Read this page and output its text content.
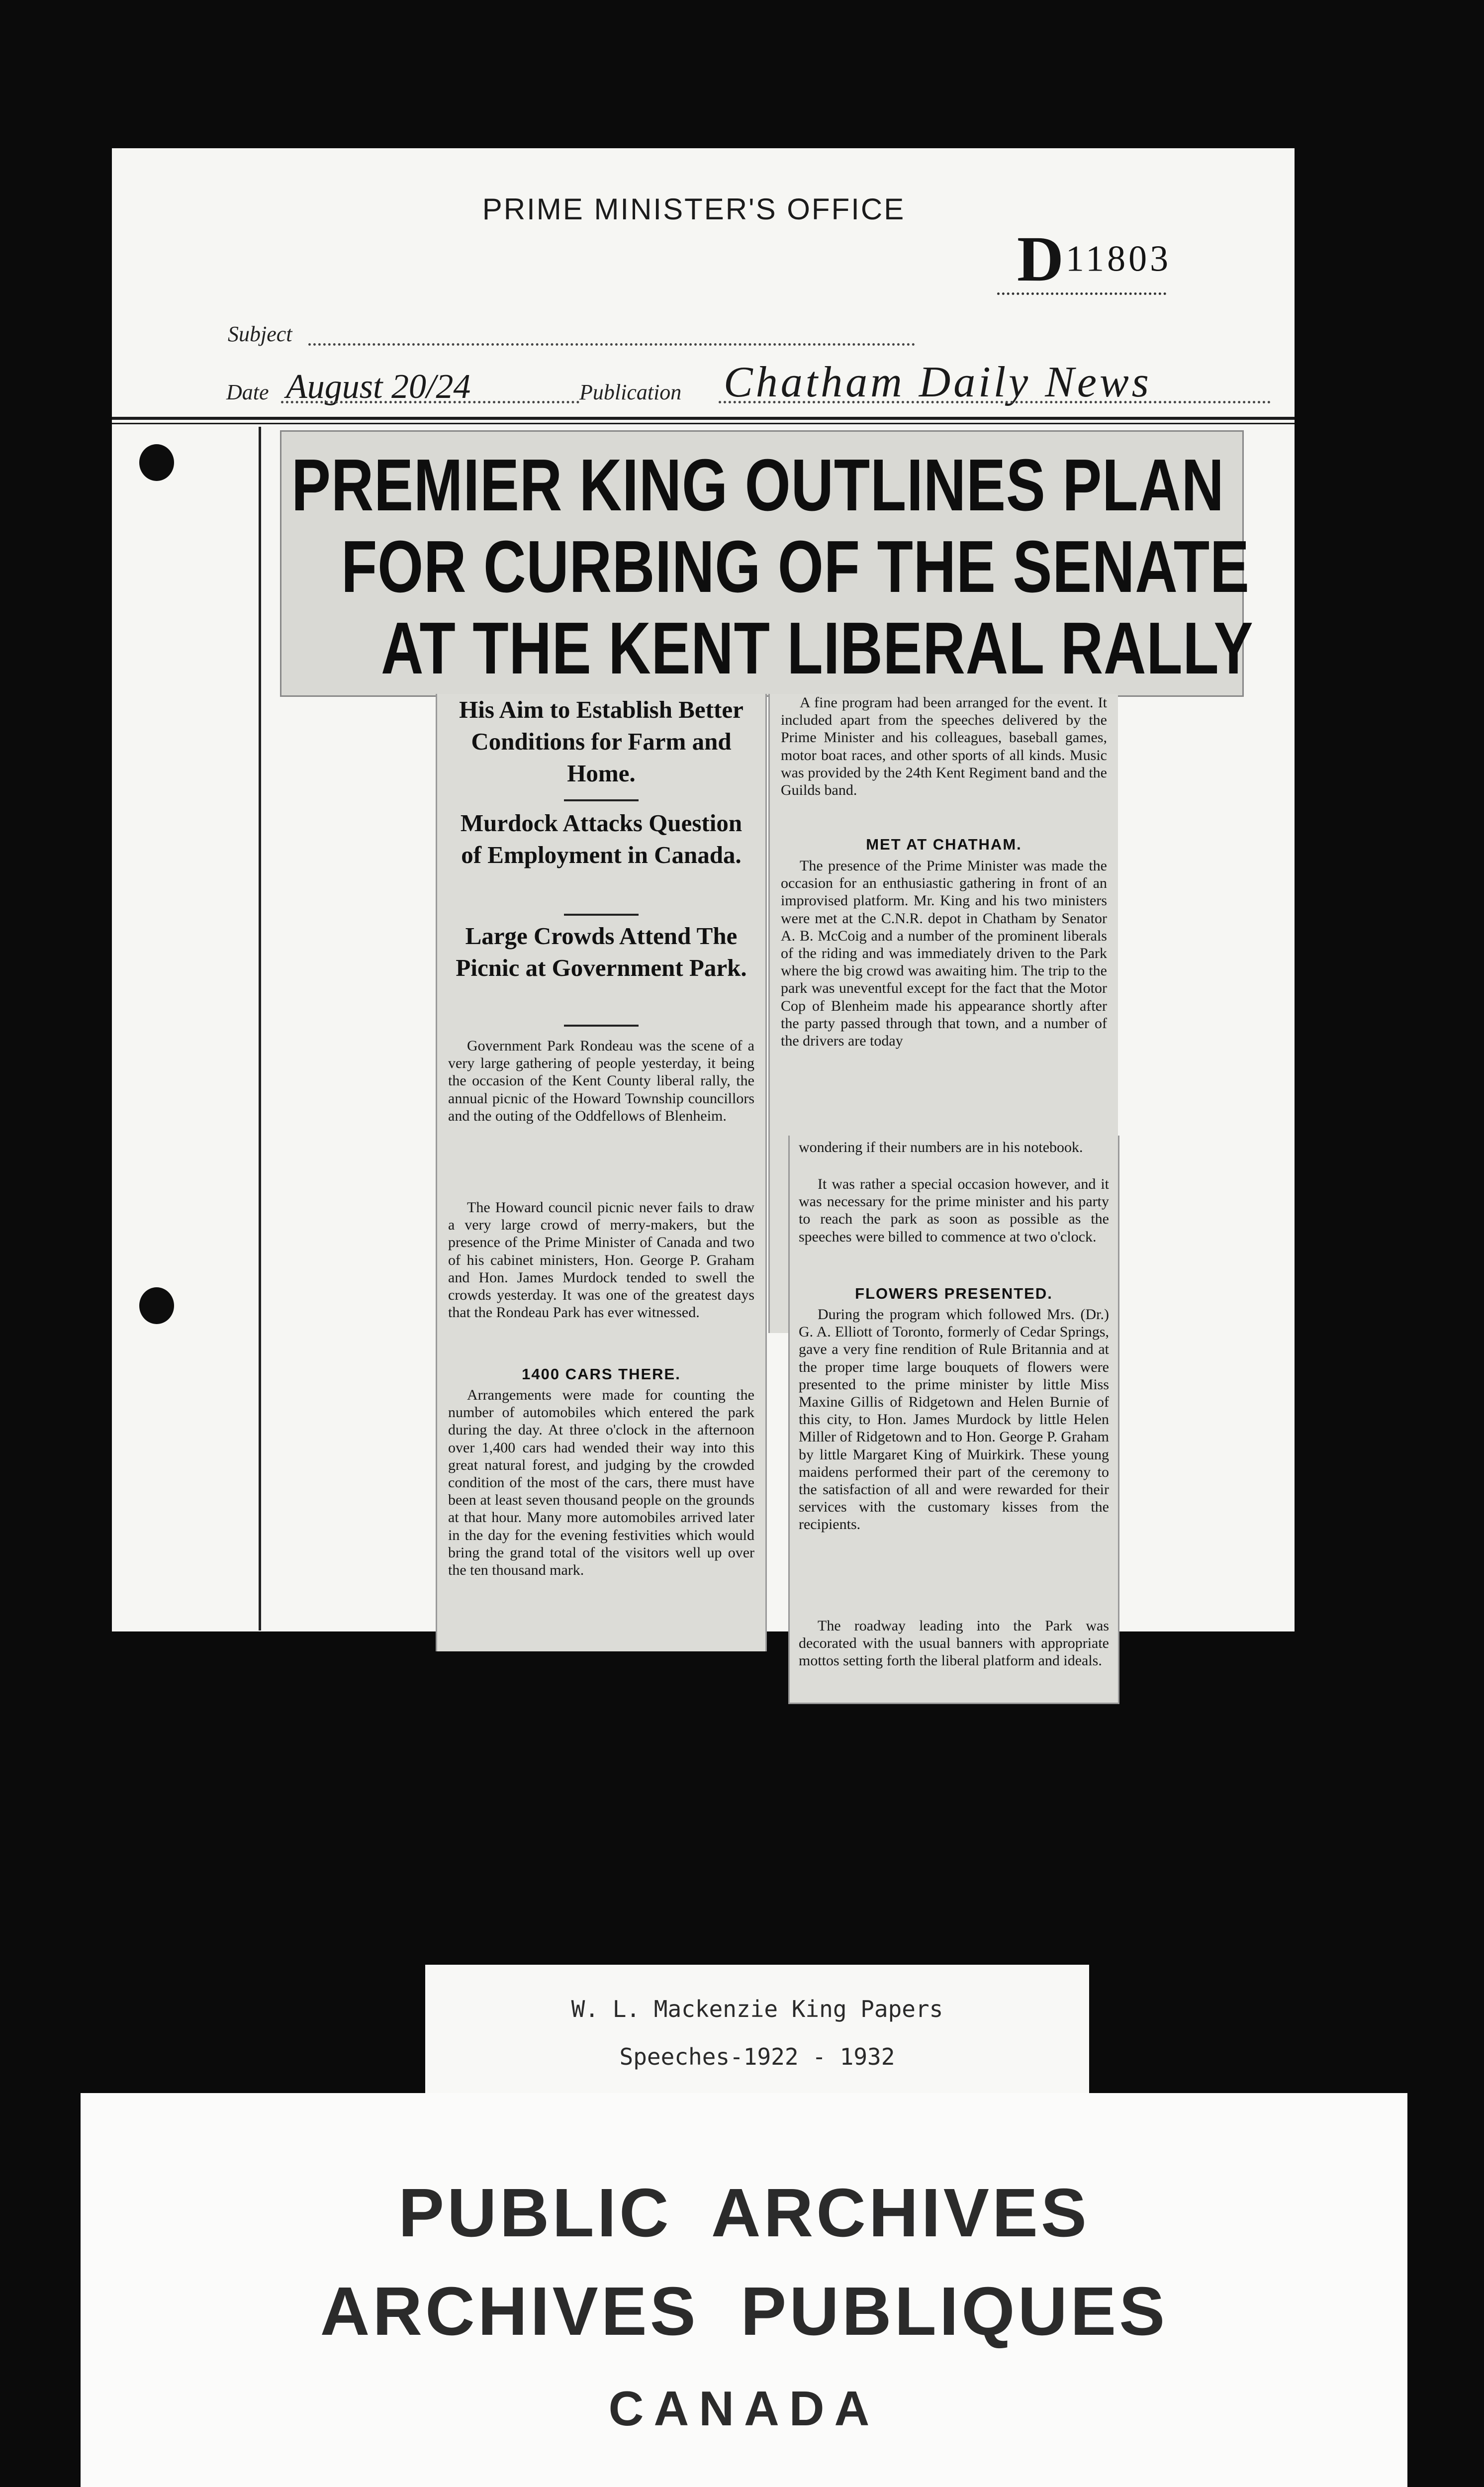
PRIME MINISTER'S OFFICE
D 11803
Subject
Date August 20/24	Publication Chatham Daily News
PREMIER KING OUTLINES PLAN
FOR CURBING OF THE SENATE
AT THE KENT LIBERAL RALLY
His Aim to Establish Better Conditions for Farm and Home.
Murdock Attacks Question of Employment in Canada.
Large Crowds Attend The Picnic at Government Park.

Government Park Rondeau was the scene of a very large gathering of people yesterday, it being the occasion of the Kent County liberal rally, the annual picnic of the Howard Township councillors and the outing of the Oddfellows of Blenheim.

The Howard council picnic never fails to draw a very large crowd of merry-makers, but the presence of the Prime Minister of Canada and two of his cabinet ministers, Hon. George P. Graham and Hon. James Murdock tended to swell the crowds yesterday. It was one of the greatest days that the Rondeau Park has ever witnessed.

1400 CARS THERE.

Arrangements were made for counting the number of automobiles which entered the park during the day. At three o'clock in the afternoon over 1,400 cars had wended their way into this great natural forest, and judging by the crowded condition of the most of the cars, there must have been at least seven thousand people on the grounds at that hour. Many more automobiles arrived later in the day for the evening festivities which would bring the grand total of the visitors well up over the ten thousand mark.

A fine program had been arranged for the event. It included apart from the speeches delivered by the Prime Minister and his colleagues, baseball games, motor boat races, and other sports of all kinds. Music was provided by the 24th Kent Regiment band and the Guilds band.

MET AT CHATHAM.

The presence of the Prime Minister was made the occasion for an enthusiastic gathering in front of an improvised platform. Mr. King and his two ministers were met at the C.N.R. depot in Chatham by Senator A. B. McCoig and a number of the prominent liberals of the riding and was immediately driven to the Park where the big crowd was awaiting him. The trip to the park was uneventful except for the fact that the Motor Cop of Blenheim made his appearance shortly after the party passed through that town, and a number of the drivers are today

wondering if their numbers are in his notebook.

It was rather a special occasion however, and it was necessary for the prime minister and his party to reach the park as soon as possible as the speeches were billed to commence at two o'clock.

FLOWERS PRESENTED.

During the program which followed Mrs. (Dr.) G. A. Elliott of Toronto, formerly of Cedar Springs, gave a very fine rendition of Rule Britannia and at the proper time large bouquets of flowers were presented to the prime minister by little Miss Maxine Gillis of Ridgetown and Helen Burnie of this city, to Hon. James Murdock by little Helen Miller of Ridgetown and to Hon. George P. Graham by little Margaret King of Muirkirk. These young maidens performed their part of the ceremony to the satisfaction of all and were rewarded for their services with the customary kisses from the recipients.

The roadway leading into the Park was decorated with the usual banners with appropriate mottos setting forth the liberal platform and ideals.

W. L. Mackenzie King Papers
Speeches-1922 - 1932
PUBLIC ARCHIVES
ARCHIVES PUBLIQUES
CANADA
